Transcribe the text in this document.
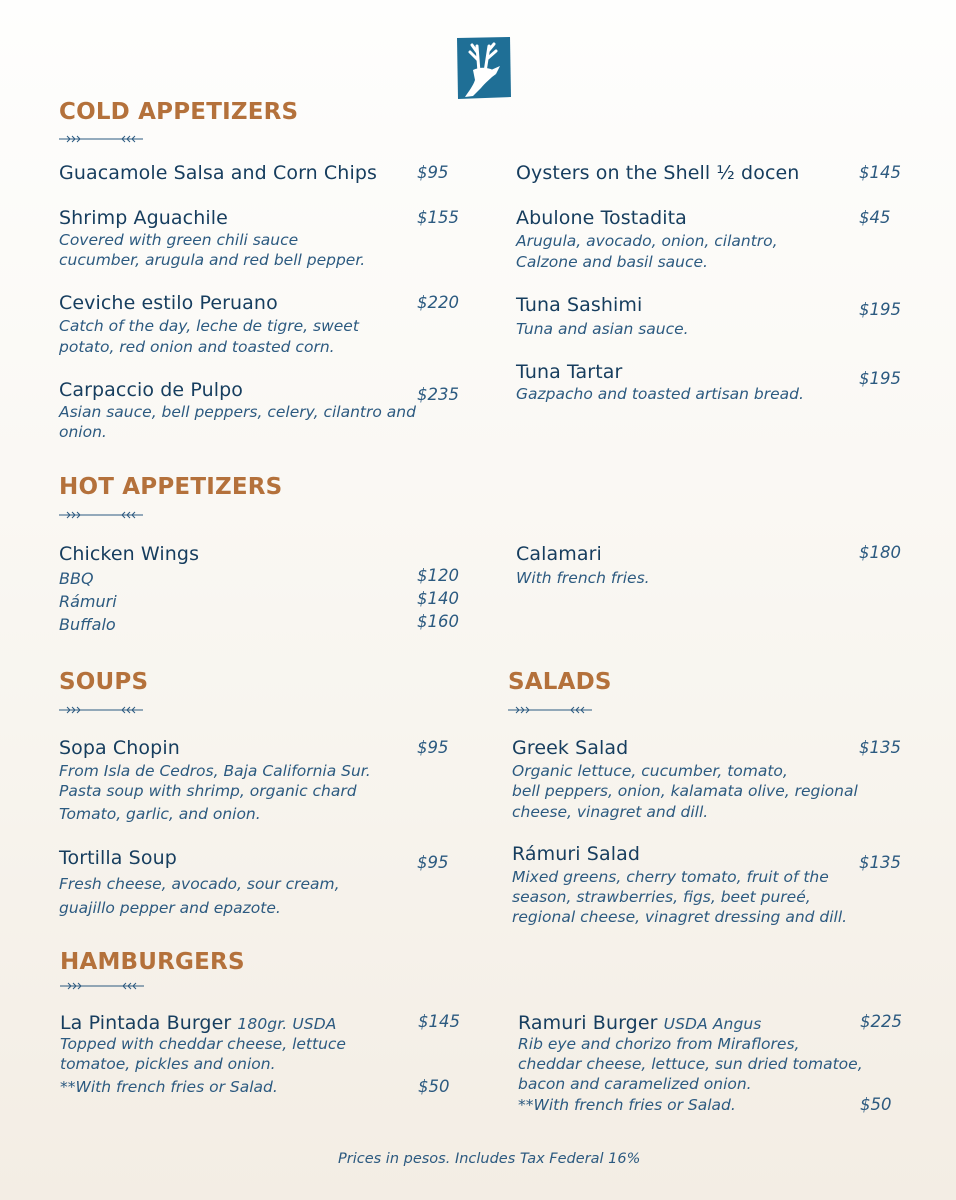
COLD APPETIZERS
Guacamole Salsa and Corn Chips $95
Shrimp Aguachile	$155
Covered with green chili sauce
cucumber, arugula and red bell pepper.
Ceviche estilo Peruano	$220
Catch of the day, leche de tigre, sweet
potato, red onion and toasted corn.
Carpaccio de Pulpo	$235
Asian sauce, bell peppers, celery, cilantro and
onion.
Oysters on the Shell ½ docen	$145
Abulone Tostadita	$45
Arugula, avocado, onion, cilantro,
Calzone and basil sauce.
Tuna Sashimi	$195
Tuna and asian sauce.
Tuna Tartar	$195
Gazpacho and toasted artisan bread.
HOT APPETIZERS
Chicken Wings
BBQ	$120
Rámuri	$140
Buffalo	$160
Calamari	$180
With french fries.
SOUPS
Sopa Chopin	$95
From Isla de Cedros, Baja California Sur.
Pasta soup with shrimp, organic chard
Tomato, garlic, and onion.
Tortilla Soup	$95
Fresh cheese, avocado, sour cream,
guajillo pepper and epazote.
SALADS
Greek Salad	$135
Organic lettuce, cucumber, tomato,
bell peppers, onion, kalamata olive, regional
cheese, vinagret and dill.
Rámuri Salad	$135
Mixed greens, cherry tomato, fruit of the
season, strawberries, figs, beet pureé,
regional cheese, vinagret dressing and dill.
HAMBURGERS
La Pintada Burger 180gr. USDA	$145
Topped with cheddar cheese, lettuce
tomatoe, pickles and onion.
**With french fries or Salad.	$50
Ramuri Burger USDA Angus	$225
Rib eye and chorizo from Miraflores,
cheddar cheese, lettuce, sun dried tomatoe,
bacon and caramelized onion.
**With french fries or Salad.	$50
Prices in pesos. Includes Tax Federal 16%
